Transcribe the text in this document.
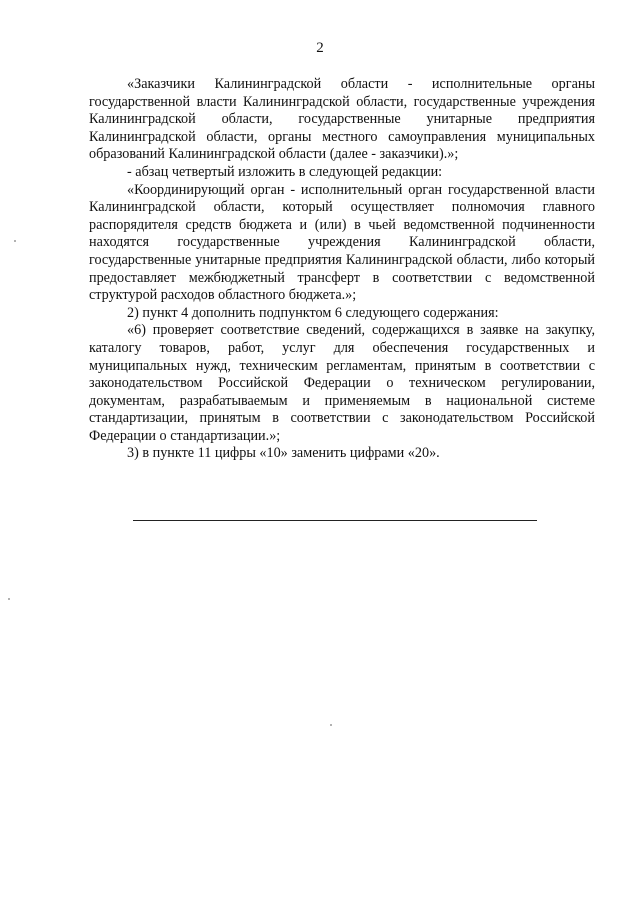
2

«Заказчики Калининградской области - исполнительные органы государственной власти Калининградской области, государственные учреждения Калининградской области, государственные унитарные предприятия Калининградской области, органы местного самоуправления муниципальных образований Калининградской области (далее - заказчики).»;

- абзац четвертый изложить в следующей редакции:

«Координирующий орган - исполнительный орган государственной власти Калининградской области, который осуществляет полномочия главного распорядителя средств бюджета и (или) в чьей ведомственной подчиненности находятся государственные учреждения Калининградской области, государственные унитарные предприятия Калининградской области, либо который предоставляет межбюджетный трансферт в соответствии с ведомственной структурой расходов областного бюджета.»;

2) пункт 4 дополнить подпунктом 6 следующего содержания:

«6) проверяет соответствие сведений, содержащихся в заявке на закупку, каталогу товаров, работ, услуг для обеспечения государственных и муниципальных нужд, техническим регламентам, принятым в соответствии с законодательством Российской Федерации о техническом регулировании, документам, разрабатываемым и применяемым в национальной системе стандартизации, принятым в соответствии с законодательством Российской Федерации о стандартизации.»;

3) в пункте 11 цифры «10» заменить цифрами «20».
